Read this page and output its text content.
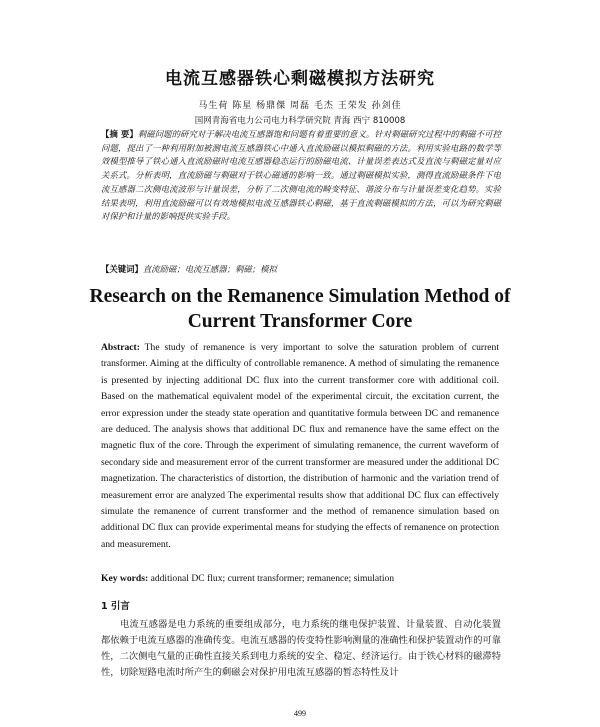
电流互感器铁心剩磁模拟方法研究
马生荷 陈星 杨鼎傑 周磊 毛杰 王荣发 孙剑佳
国网青海省电力公司电力科学研究院 青海 西宁 810008
【摘 要】剩磁问题的研究对于解决电流互感器饱和问题有着重要的意义。针对剩磁研究过程中的剩磁不可控问题，提出了一种利用附加被测电流互感器铁心中通入直流励磁以模拟剩磁的方法。利用实验电路的数学等效模型推导了铁心通入直流励磁时电流互感器稳态运行的励磁电流、计量误差表达式及直流与剩磁定量对应关系式。分析表明，直流励磁与剩磁对于铁心磁通的影响一致。通过剩磁模拟实验，测得直流励磁条件下电流互感器二次侧电流波形与计量误差，分析了二次侧电流的畸变特征、谐波分布与计量误差变化趋势。实验结果表明，利用直流励磁可以有效地模拟电流互感器铁心剩磁，基于直流剩磁模拟的方法，可以为研究剩磁对保护和计量的影响提供实验手段。
【关键词】直流励磁；电流互感器；剩磁；模拟
Research on the Remanence Simulation Method of Current Transformer Core
Abstract: The study of remanence is very important to solve the saturation problem of current transformer. Aiming at the difficulty of controllable remanence. A method of simulating the remanence is presented by injecting additional DC flux into the current transformer core with additional coil. Based on the mathematical equivalent model of the experimental circuit, the excitation current, the error expression under the steady state operation and quantitative formula between DC and remanence are deduced. The analysis shows that additional DC flux and remanence have the same effect on the magnetic flux of the core. Through the experiment of simulating remanence, the current waveform of secondary side and measurement error of the current transformer are measured under the additional DC magnetization. The characteristics of distortion, the distribution of harmonic and the variation trend of measurement error are analyzed The experimental results show that additional DC flux can effectively simulate the remanence of current transformer and the method of remanence simulation based on additional DC flux can provide experimental means for studying the effects of remanence on protection and measurement.
Key words: additional DC flux; current transformer; remanence; simulation
1 引言
电流互感器是电力系统的重要组成部分，电力系统的继电保护装置、计量装置、自动化装置都依赖于电流互感器的准确传变。电流互感器的传变特性影响测量的准确性和保护装置动作的可靠性，二次侧电气量的正确性直接关系到电力系统的安全、稳定、经济运行。由于铁心材料的磁滞特性，切除短路电流时所产生的剩磁会对保护用电流互感器的暂态特性及计
499
